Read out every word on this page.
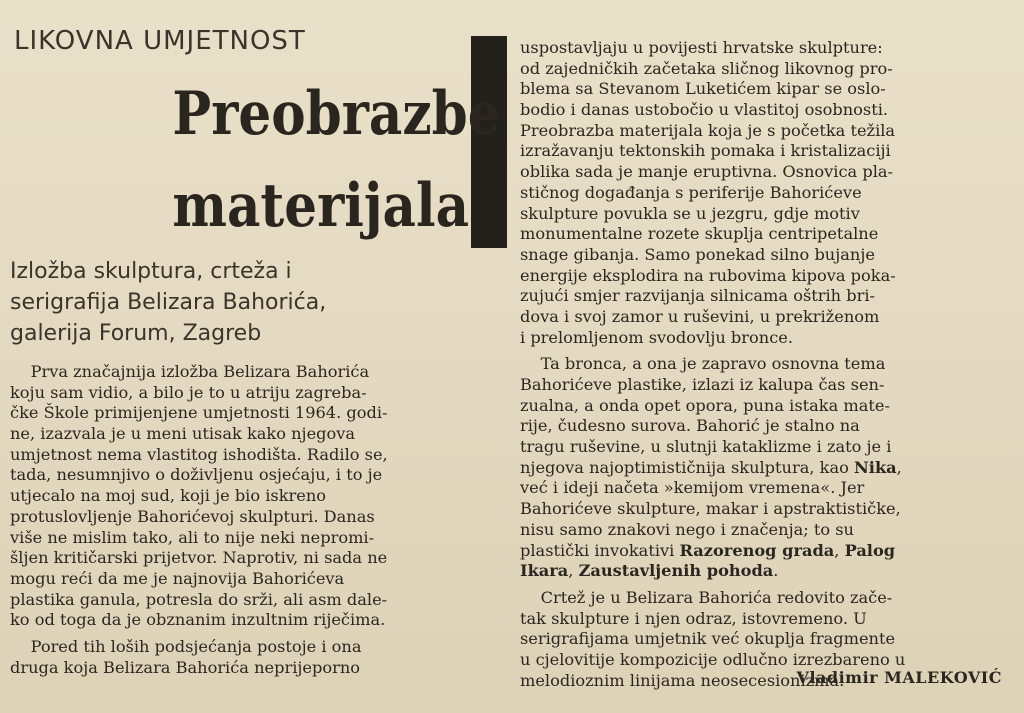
LIKOVNA UMJETNOST
Preobrazbe
materijala
Izložba skulptura, crteža i
serigrafija Belizara Bahorića,
galerija Forum, Zagreb
Prva značajnija izložba Belizara Bahorića
koju sam vidio, a bilo je to u atriju zagreba-
čke Škole primijenjene umjetnosti 1964. godi-
ne, izazvala je u meni utisak kako njegova
umjetnost nema vlastitog ishodišta. Radilo se,
tada, nesumnjivo o doživljenu osjećaju, i to je
utjecalo na moj sud, koji je bio iskreno
protuslovljenje Bahorićevoj skulpturi. Danas
više ne mislim tako, ali to nije neki nepromi-
šljen kritičarski prijetvor. Naprotiv, ni sada ne
mogu reći da me je najnovija Bahorićeva
plastika ganula, potresla do srži, ali asm dale-
ko od toga da je obznanim inzultnim riječima.
Pored tih loših podsjećanja postoje i ona
druga koja Belizara Bahorića neprijeporno
uspostavljaju u povijesti hrvatske skulpture:
od zajedničkih začetaka sličnog likovnog pro-
blema sa Stevanom Luketićem kipar se oslo-
bodio i danas ustobočio u vlastitoj osobnosti.
Preobrazba materijala koja je s početka težila
izražavanju tektonskih pomaka i kristalizaciji
oblika sada je manje eruptivna. Osnovica pla-
stičnog događanja s periferije Bahorićeve
skulpture povukla se u jezgru, gdje motiv
monumentalne rozete skuplja centripetalne
snage gibanja. Samo ponekad silno bujanje
energije eksplodira na rubovima kipova poka-
zujući smjer razvijanja silnicama oštrih bri-
dova i svoj zamor u ruševini, u prekriženom
i prelomljenom svodovlju bronce.
Ta bronca, a ona je zapravo osnovna tema
Bahorićeve plastike, izlazi iz kalupa čas sen-
zualna, a onda opet opora, puna istaka mate-
rije, čudesno surova. Bahorić je stalno na
tragu ruševine, u slutnji kataklizme i zato je i
njegova najoptimističnija skulptura, kao Nika,
već i ideji načeta »kemijom vremena«. Jer
Bahorićeve skulpture, makar i apstraktističke,
nisu samo znakovi nego i značenja; to su
plastički invokativi Razorenog grada, Palog
Ikara, Zaustavljenih pohoda.
Crtež je u Belizara Bahorića redovito zače-
tak skulpture i njen odraz, istovremeno. U
serigrafijama umjetnik već okuplja fragmente
u cjelovitije kompozicije odlučno izrezbareno u
melodioznim linijama neosecesionizma.
Vladimir MALEKOVIĆ
